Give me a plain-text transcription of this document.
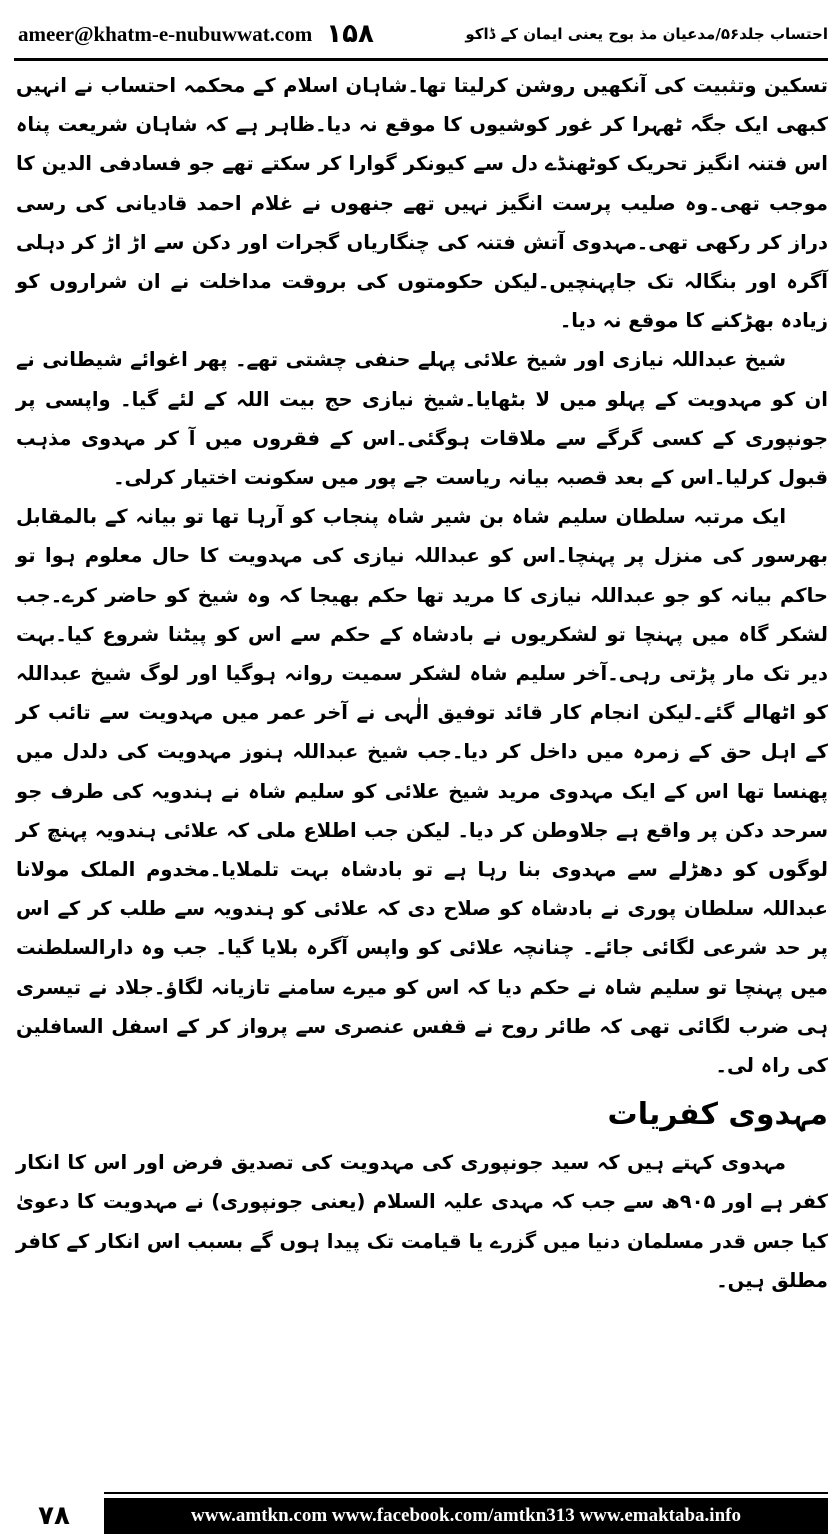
ameer@khatm-e-nubuwwat.com ۱۵۸	احتساب جلد۵۶/مدعیان مذ بوح یعنی ایمان کے ڈاکو

تسکین وتثبیت کی آنکھیں روشن کرلیتا تھا۔شاہان اسلام کے محکمہ احتساب نے انہیں کبھی ایک جگہ ٹھہرا کر غور کوشیوں کا موقع نہ دیا۔ظاہر ہے کہ شاہان شریعت پناہ اس فتنہ انگیز تحریک کوٹھنڈے دل سے کیونکر گوارا کر سکتے تھے جو فسادفی الدین کا موجب تھی۔وہ صلیب پرست انگیز نہیں تھے جنھوں نے غلام احمد قادیانی کی رسی دراز کر رکھی تھی۔مہدوی آتش فتنہ کی چنگاریاں گجرات اور دکن سے اڑ اڑ کر دہلی آگرہ اور بنگالہ تک جاپہنچیں۔لیکن حکومتوں کی بروقت مداخلت نے ان شراروں کو زیادہ بھڑکنے کا موقع نہ دیا۔

شیخ عبداللہ نیازی اور شیخ علائی پہلے حنفی چشتی تھے۔ پھر اغوائے شیطانی نے ان کو مہدویت کے پہلو میں لا بٹھایا۔شیخ نیازی حج بیت اللہ کے لئے گیا۔ واپسی پر جونپوری کے کسی گرگے سے ملاقات ہوگئی۔اس کے فقروں میں آ کر مہدوی مذہب قبول کرلیا۔اس کے بعد قصبہ بیانہ ریاست جے پور میں سکونت اختیار کرلی۔

ایک مرتبہ سلطان سلیم شاہ بن شیر شاہ پنجاب کو آرہا تھا تو بیانہ کے بالمقابل بھرسور کی منزل پر پہنچا۔اس کو عبداللہ نیازی کی مہدویت کا حال معلوم ہوا تو حاکم بیانہ کو جو عبداللہ نیازی کا مرید تھا حکم بھیجا کہ وہ شیخ کو حاضر کرے۔جب لشکر گاہ میں پہنچا تو لشکریوں نے بادشاہ کے حکم سے اس کو پیٹنا شروع کیا۔بہت دیر تک مار پڑتی رہی۔آخر سلیم شاہ لشکر سمیت روانہ ہوگیا اور لوگ شیخ عبداللہ کو اٹھالے گئے۔لیکن انجام کار قائد توفیق الٰہی نے آخر عمر میں مہدویت سے تائب کر کے اہل حق کے زمرہ میں داخل کر دیا۔جب شیخ عبداللہ ہنوز مہدویت کی دلدل میں پھنسا تھا اس کے ایک مہدوی مرید شیخ علائی کو سلیم شاہ نے ہندویہ کی طرف جو سرحد دکن پر واقع ہے جلاوطن کر دیا۔ لیکن جب اطلاع ملی کہ علائی ہندویہ پہنچ کر لوگوں کو دھڑلے سے مہدوی بنا رہا ہے تو بادشاہ بہت تلملایا۔مخدوم الملک مولانا عبداللہ سلطان پوری نے بادشاہ کو صلاح دی کہ علائی کو ہندویہ سے طلب کر کے اس پر حد شرعی لگائی جائے۔ چنانچہ علائی کو واپس آگرہ بلایا گیا۔ جب وہ دارالسلطنت میں پہنچا تو سلیم شاہ نے حکم دیا کہ اس کو میرے سامنے تازیانہ لگاؤ۔جلاد نے تیسری ہی ضرب لگائی تھی کہ طائر روح نے قفس عنصری سے پرواز کر کے اسفل السافلین کی راہ لی۔

مہدوی کفریات

مہدوی کہتے ہیں کہ سید جونپوری کی مہدویت کی تصدیق فرض اور اس کا انکار کفر ہے اور ۹۰۵ھ سے جب کہ مہدی علیہ السلام (یعنی جونپوری) نے مہدویت کا دعویٰ کیا جس قدر مسلمان دنیا میں گزرے یا قیامت تک پیدا ہوں گے بسبب اس انکار کے کافر مطلق ہیں۔

۷۸	www.amtkn.com www.facebook.com/amtkn313 www.emaktaba.info
